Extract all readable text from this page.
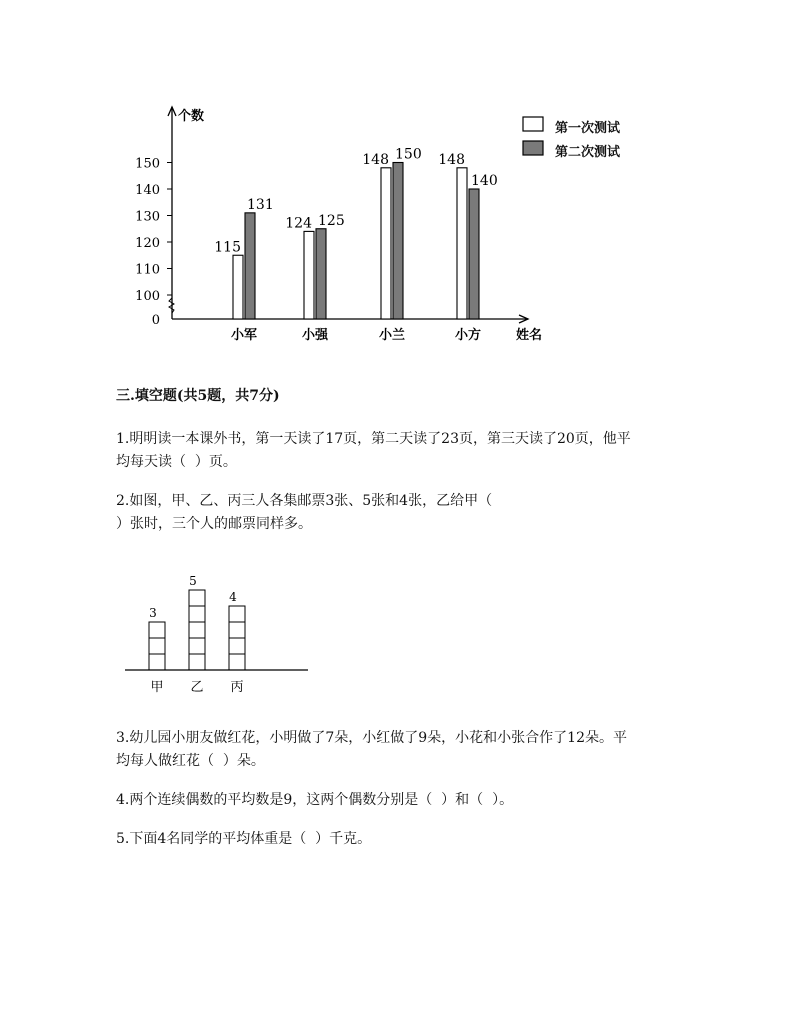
0
100
110
120
130
140
150
115
131
124 125
148 150 148
140
小军	小强	小兰	小方
个数
姓名
第一次测试
第二次测试
三.填空题(共5题，共7分)
1.明明读一本课外书，第一天读了17页，第二天读了23页，第三天读了20页，他平
均每天读（  ）页。
2.如图，甲、乙、丙三人各集邮票3张、5张和4张，乙给甲（
）张时，三个人的邮票同样多。
3
5
4
甲 乙 丙
3.幼儿园小朋友做红花，小明做了7朵，小红做了9朵，小花和小张合作了12朵。平
均每人做红花（  ）朵。
4.两个连续偶数的平均数是9，这两个偶数分别是（  ）和（  ）。
5.下面4名同学的平均体重是（  ）千克。
